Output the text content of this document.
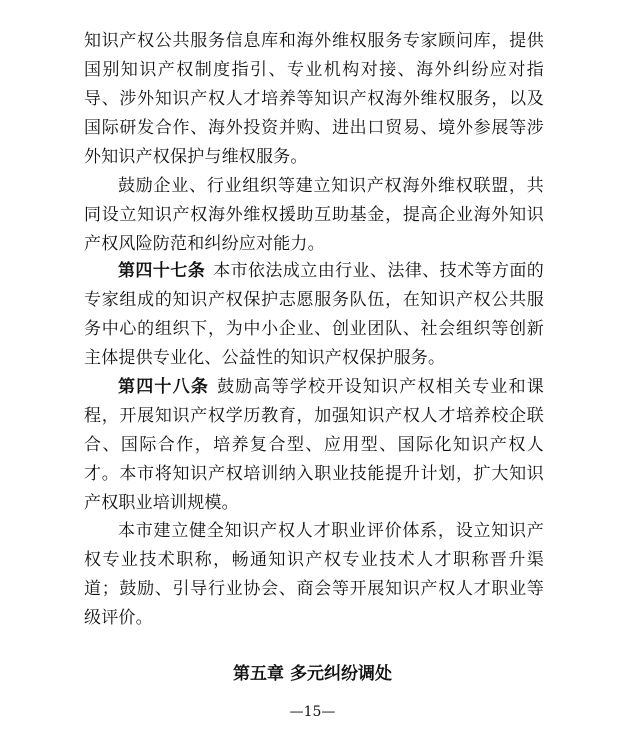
知识产权公共服务信息库和海外维权服务专家顾问库，提供国别知识产权制度指引、专业机构对接、海外纠纷应对指导、涉外知识产权人才培养等知识产权海外维权服务，以及国际研发合作、海外投资并购、进出口贸易、境外参展等涉外知识产权保护与维权服务。

鼓励企业、行业组织等建立知识产权海外维权联盟，共同设立知识产权海外维权援助互助基金，提高企业海外知识产权风险防范和纠纷应对能力。

第四十七条 本市依法成立由行业、法律、技术等方面的专家组成的知识产权保护志愿服务队伍，在知识产权公共服务中心的组织下，为中小企业、创业团队、社会组织等创新主体提供专业化、公益性的知识产权保护服务。

第四十八条 鼓励高等学校开设知识产权相关专业和课程，开展知识产权学历教育，加强知识产权人才培养校企联合、国际合作，培养复合型、应用型、国际化知识产权人才。本市将知识产权培训纳入职业技能提升计划，扩大知识产权职业培训规模。

本市建立健全知识产权人才职业评价体系，设立知识产权专业技术职称，畅通知识产权专业技术人才职称晋升渠道；鼓励、引导行业协会、商会等开展知识产权人才职业等级评价。

第五章 多元纠纷调处
—15—
